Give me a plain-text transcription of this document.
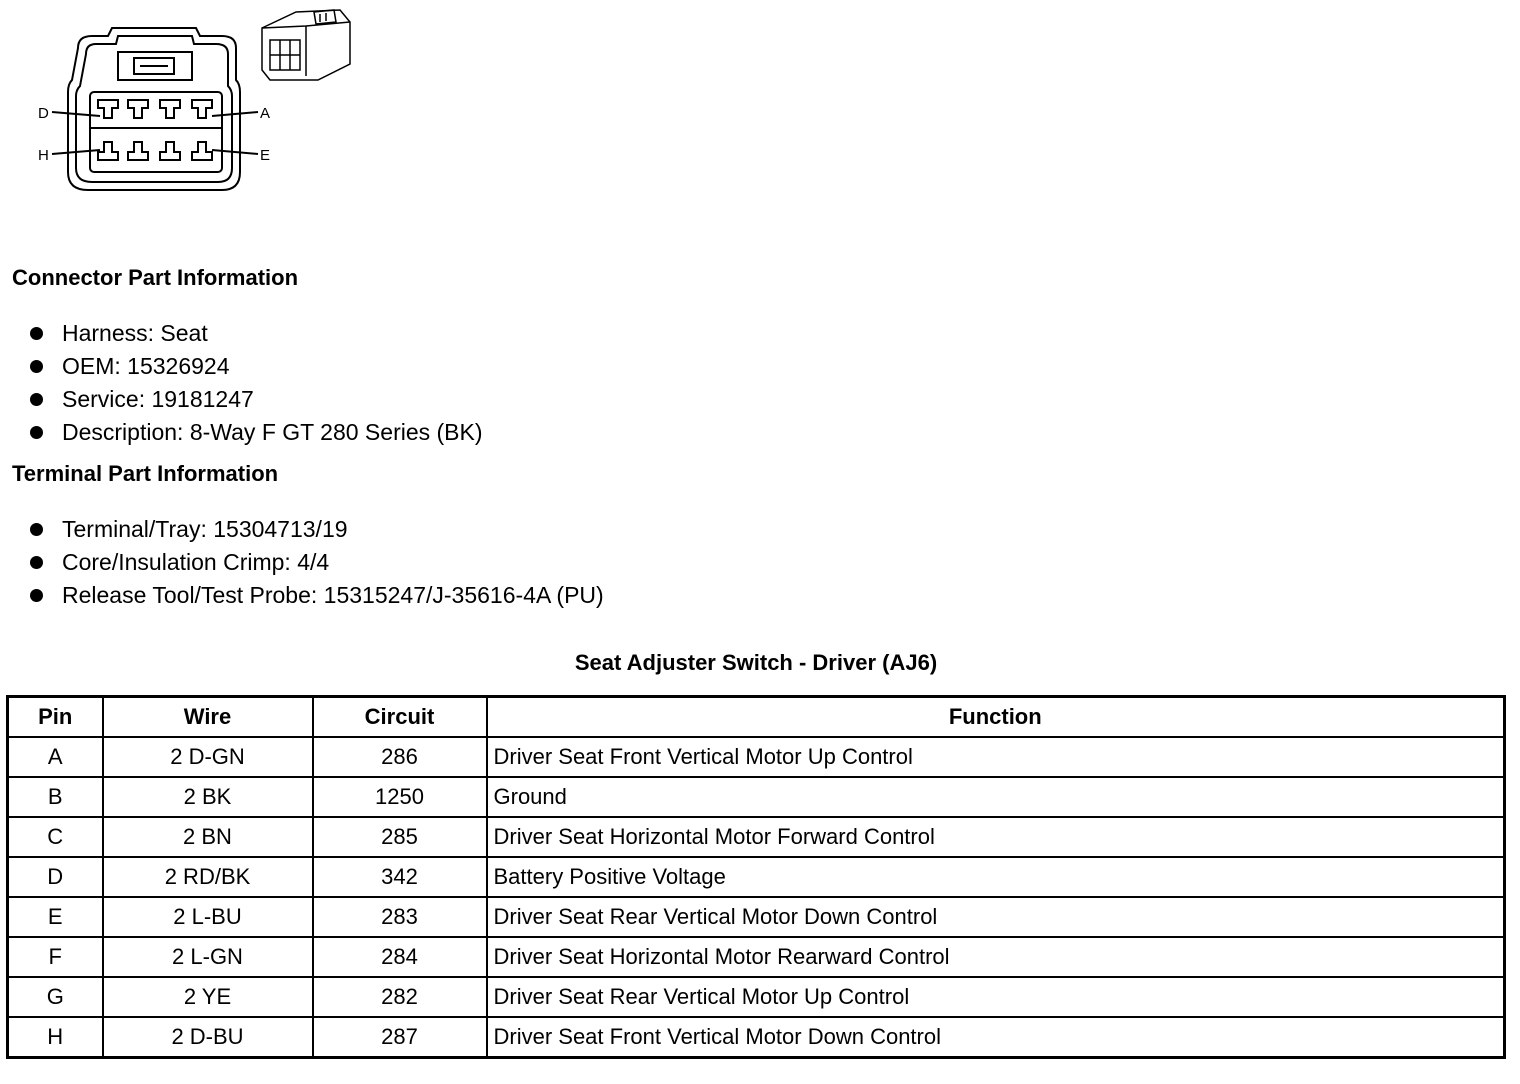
D	A
H	E
Connector Part Information
Harness: Seat
OEM: 15326924
Service: 19181247
Description: 8-Way F GT 280 Series (BK)
Terminal Part Information
Terminal/Tray: 15304713/19
Core/Insulation Crimp: 4/4
Release Tool/Test Probe: 15315247/J-35616-4A (PU)
Seat Adjuster Switch - Driver (AJ6)
Pin	Wire	Circuit	Function
A	2 D-GN	286	Driver Seat Front Vertical Motor Up Control
B	2 BK	1250	Ground
C	2 BN	285	Driver Seat Horizontal Motor Forward Control
D	2 RD/BK	342	Battery Positive Voltage
E	2 L-BU	283	Driver Seat Rear Vertical Motor Down Control
F	2 L-GN	284	Driver Seat Horizontal Motor Rearward Control
G	2 YE	282	Driver Seat Rear Vertical Motor Up Control
H	2 D-BU	287	Driver Seat Front Vertical Motor Down Control
